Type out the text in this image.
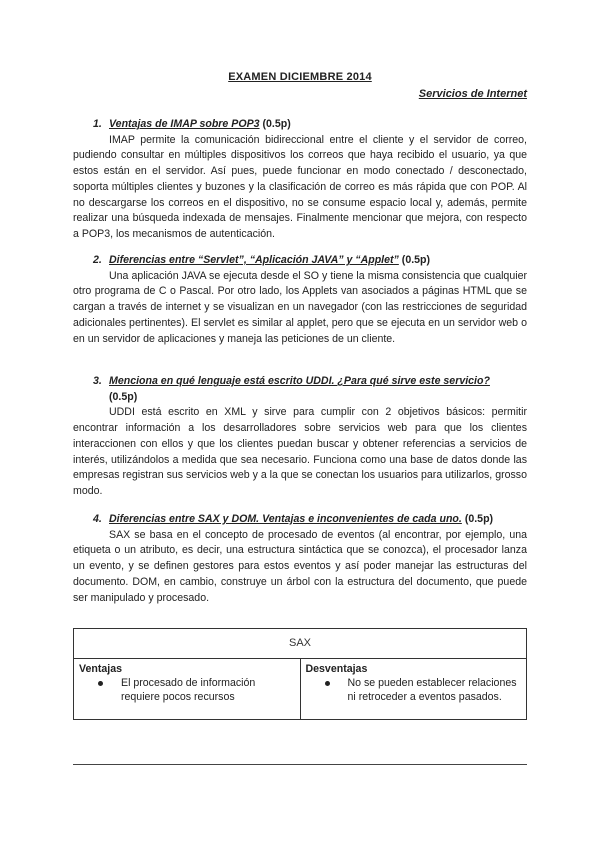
EXAMEN DICIEMBRE 2014
Servicios de Internet
1. Ventajas de IMAP sobre POP3 (0.5p)

IMAP permite la comunicación bidireccional entre el cliente y el servidor de correo, pudiendo consultar en múltiples dispositivos los correos que haya recibido el usuario, ya que estos están en el servidor. Así pues, puede funcionar en modo conectado / desconectado, soporta múltiples clientes y buzones y la clasificación de correo es más rápida que con POP. Al no descargarse los correos en el dispositivo, no se consume espacio local y, además, permite realizar una búsqueda indexada de mensajes. Finalmente mencionar que mejora, con respecto a POP3, los mecanismos de autenticación.

2. Diferencias entre “Servlet”, “Aplicación JAVA” y “Applet” (0.5p)

Una aplicación JAVA se ejecuta desde el SO y tiene la misma consistencia que cualquier otro programa de C o Pascal. Por otro lado, los Applets van asociados a páginas HTML que se cargan a través de internet y se visualizan en un navegador (con las restricciones de seguridad adicionales pertinentes). El servlet es similar al applet, pero que se ejecuta en un servidor web o en un servidor de aplicaciones y maneja las peticiones de un cliente.

3. Menciona en qué lenguaje está escrito UDDI. ¿Para qué sirve este servicio?
(0.5p)

UDDI está escrito en XML y sirve para cumplir con 2 objetivos básicos: permitir encontrar información a los desarrolladores sobre servicios web para que los clientes interaccionen con ellos y que los clientes puedan buscar y obtener referencias a servicios de interés, utilizándolos a medida que sea necesario. Funciona como una base de datos donde las empresas registran sus servicios web y a la que se conectan los usuarios para utilizarlos, grosso modo.

4. Diferencias entre SAX y DOM. Ventajas e inconvenientes de cada uno. (0.5p)

SAX se basa en el concepto de procesado de eventos (al encontrar, por ejemplo, una etiqueta o un atributo, es decir, una estructura sintáctica que se conozca), el procesador lanza un evento, y se definen gestores para estos eventos y así poder manejar las estructuras del documento. DOM, en cambio, construye un árbol con la estructura del documento, que puede ser manipulado y procesado.

SAX
Ventajas
El procesado de información requiere pocos recursos
Desventajas
No se pueden establecer relaciones ni retroceder a eventos pasados.
